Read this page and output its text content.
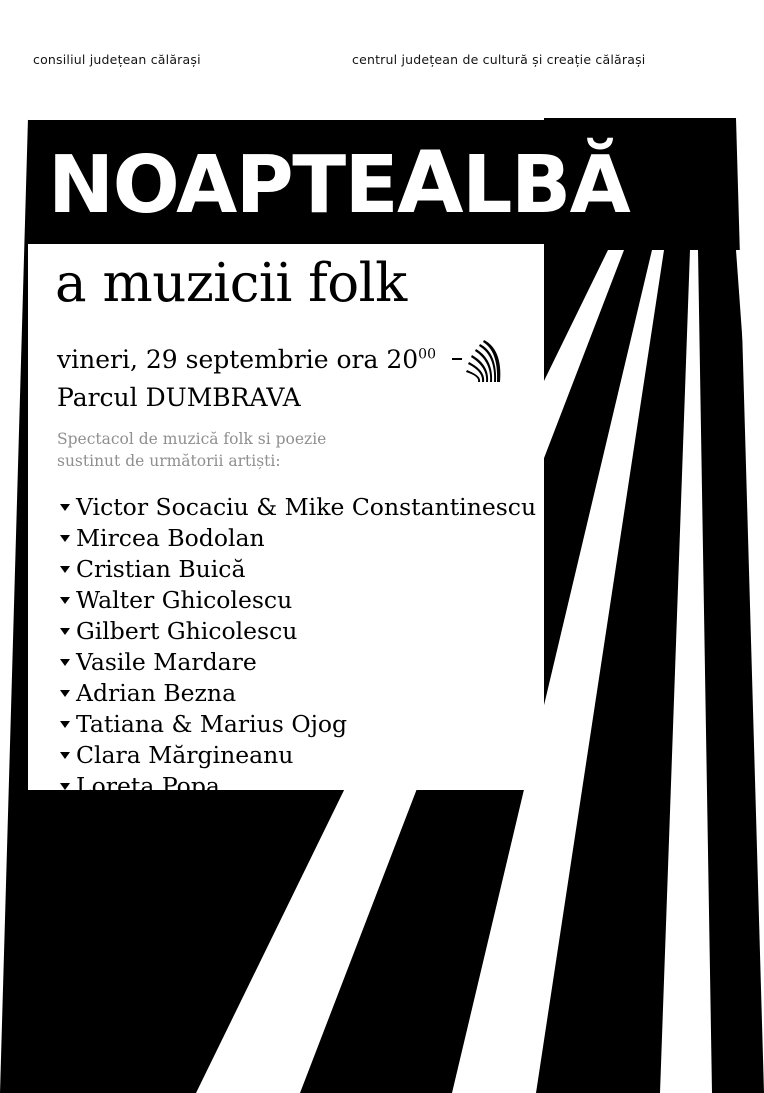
consiliul județean călărași	centrul județean de cultură și creație călărași
NOAPTEALBĂ
a muzicii folk
vineri, 29 septembrie ora $20^{00}$
Parcul DUMBRAVA
Spectacol de muzică folk si poezie
sustinut de următorii artiști:
Victor Socaciu & Mike Constantinescu
Mircea Bodolan
Cristian Buică
Walter Ghicolescu
Gilbert Ghicolescu
Vasile Mardare
Adrian Bezna
Tatiana & Marius Ojog
Clara Mărgineanu
Loreta Popa
David Gojkovic
Trio Vox
